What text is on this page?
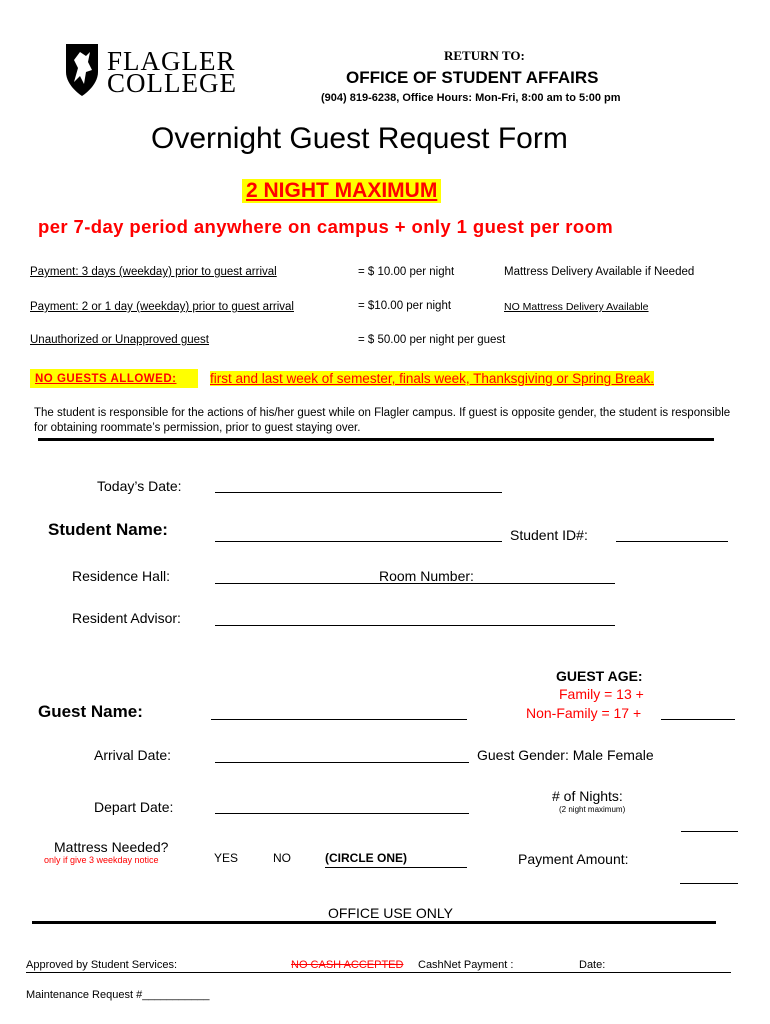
FLAGLER
COLLEGE
RETURN TO:
OFFICE OF STUDENT AFFAIRS
(904) 819-6238, Office Hours: Mon-Fri, 8:00 am to 5:00 pm
Overnight Guest Request Form
2 NIGHT MAXIMUM
per 7-day period anywhere on campus + only 1 guest per room
Payment: 3 days (weekday) prior to guest arrival	= $ 10.00 per night	Mattress Delivery Available if Needed
Payment: 2 or 1 day (weekday) prior to guest arrival	= $10.00 per night	NO Mattress Delivery Available
Unauthorized or Unapproved guest	= $ 50.00 per night per guest
NO GUESTS ALLOWED: first and last week of semester, finals week, Thanksgiving or Spring Break.
The student is responsible for the actions of his/her guest while on Flagler campus. If guest is opposite gender, the student is responsible for obtaining roommate’s permission, prior to guest staying over.
Today’s Date:
Student Name:	Student ID#:
Residence Hall:	Room Number:
Resident Advisor:
GUEST AGE:
Family = 13 +
Non-Family = 17 +
Guest Name:
Arrival Date:	Guest Gender: Male Female
# of Nights:
(2 night maximum)
Depart Date:
Mattress Needed?
only if give 3 weekday notice	YES	NO	(CIRCLE ONE)	Payment Amount:
OFFICE USE ONLY
Approved by Student Services:	NO CASH ACCEPTED CashNet Payment :	Date:
Maintenance Request #___________
